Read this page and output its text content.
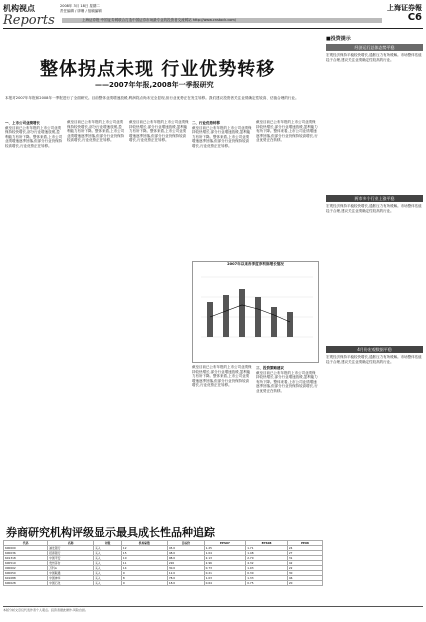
机构视点	2008年 3月 18日 星期二
责任编辑 / 廖珊 / 组稿编辑	上海证券報
Reports	上海证券报·中国证券网联合打造中国证券市场最专业的投资者交流网站 http://www.cnstock.com/	C6
整体拐点未现 行业优势转移
——2007年年报,2008年一季报研究
本报对2007年年报和2008年一季报进行了全面研究。目前整体业绩增速放缓,利润拐点尚未完全显现,但行业优势正在发生转移。我们建议投资者关注业绩确定性较高、估值合理的行业。
一、上市公司业绩增长
截至目前已公布年报的上市公司业绩保持较快增长,部分行业增速放缓,盈利能力有所下降。整体来看,上市公司业绩增速逐季回落,但部分行业仍保持较高增长,行业优势正在转移。
截至目前已公布年报的上市公司业绩保持较快增长,部分行业增速放缓,盈利能力有所下降。整体来看,上市公司业绩增速逐季回落,但部分行业仍保持较高增长,行业优势正在转移。
截至目前已公布年报的上市公司业绩保持较快增长,部分行业增速放缓,盈利能力有所下降。整体来看,上市公司业绩增速逐季回落,但部分行业仍保持较高增长,行业优势正在转移。
二、行业优势转移
截至目前已公布年报的上市公司业绩保持较快增长,部分行业增速放缓,盈利能力有所下降。整体来看,上市公司业绩增速逐季回落,但部分行业仍保持较高增长,行业优势正在转移。
截至目前已公布年报的上市公司业绩保持较快增长,部分行业增速放缓,盈利能力有所下降。整体来看,上市公司业绩增速逐季回落,但部分行业仍保持较高增长,行业优势正在转移。
2007年以来各季度净利润增长情况
截至目前已公布年报的上市公司业绩保持较快增长,部分行业增速放缓,盈利能力有所下降。整体来看,上市公司业绩增速逐季回落,但部分行业仍保持较高增长,行业优势正在转移。
三、投资策略建议
截至目前已公布年报的上市公司业绩保持较快增长,部分行业增速放缓,盈利能力有所下降。整体来看,上市公司业绩增速逐季回落,但部分行业仍保持较高增长,行业优势正在转移。
■投资提示
经济运行总体态势平稳
宏观经济保持平稳较快增长,通胀压力有所缓解。市场整体估值趋于合理,建议关注业绩确定性较高的行业。
两市多个行业上涨平稳
宏观经济保持平稳较快增长,通胀压力有所缓解。市场整体估值趋于合理,建议关注业绩确定性较高的行业。
4月份宏观数据平稳
宏观经济保持平稳较快增长,通胀压力有所缓解。市场整体估值趋于合理,建议关注业绩确定性较高的行业。
券商研究机构评级显示最具成长性品种追踪
代码	名称	评级	机构家数	目标价	EPS07	EPS08	PE08
600000	浦发银行	买入	12	45.0	1.25	1.71	24
600036	招商银行	买入	15	48.0	1.04	1.48	27
601318	中国平安	买入	10	98.0	2.13	2.70	31
600519	贵州茅台	买入	11	220	2.96	4.32	42
000002	万科A	买入	14	30.0	0.73	1.03	22
600050	中国联通	买入	9	12.0	0.21	0.30	30
601088	中国神华	买入	8	78.0	1.03	1.33	46
600028	中国石化	买入	9	18.0	0.64	0.75	20
本版分析文章仅代表作者个人观点。投资者据此操作,风险自担。
